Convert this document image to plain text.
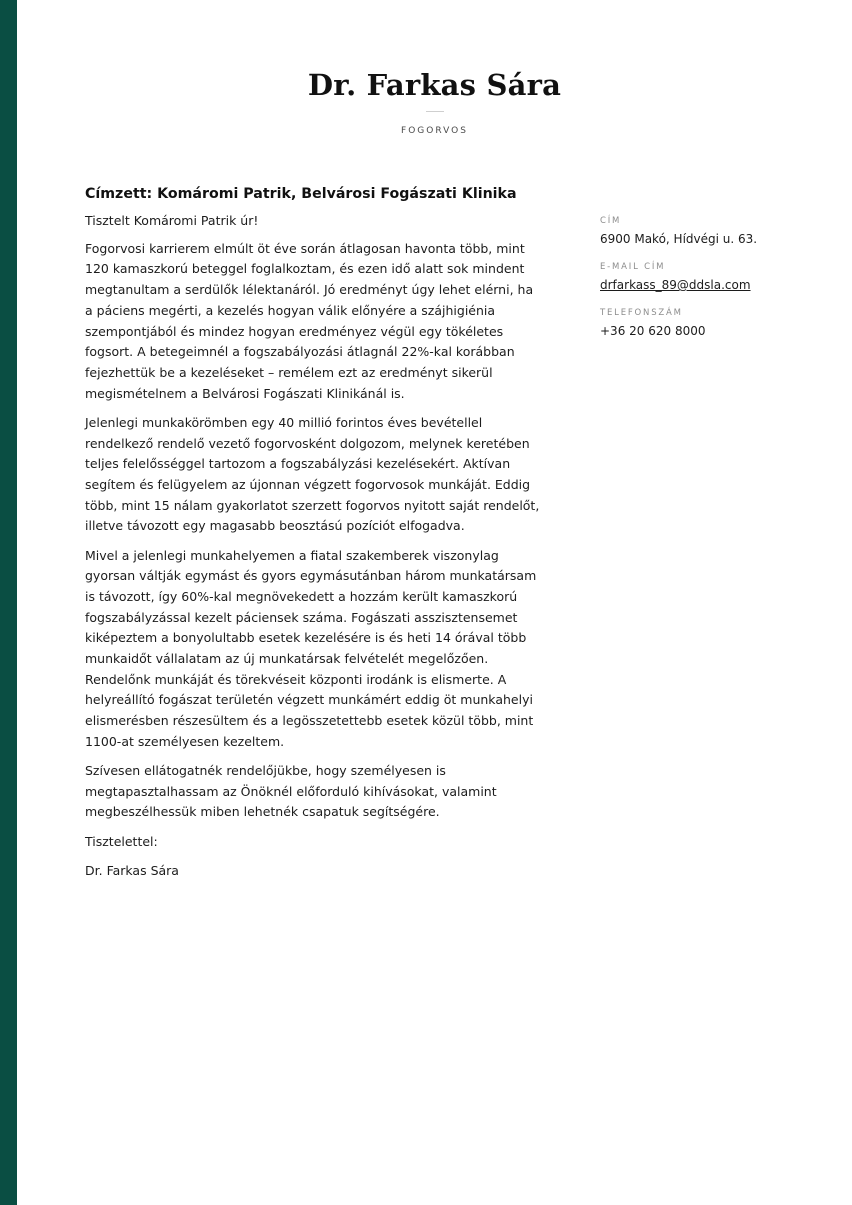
Dr. Farkas Sára
FOGORVOS
Címzett: Komáromi Patrik, Belvárosi Fogászati Klinika

Tisztelt Komáromi Patrik úr!

Fogorvosi karrierem elmúlt öt éve során átlagosan havonta több, mint 120 kamaszkorú beteggel foglalkoztam, és ezen idő alatt sok mindent megtanultam a serdülők lélektanáról. Jó eredményt úgy lehet elérni, ha a páciens megérti, a kezelés hogyan válik előnyére a szájhigiénia szempontjából és mindez hogyan eredményez végül egy tökéletes fogsort. A betegeimnél a fogszabályozási átlagnál 22%-kal korábban fejezhettük be a kezeléseket – remélem ezt az eredményt sikerül megismételnem a Belvárosi Fogászati Klinikánál is.

Jelenlegi munkakörömben egy 40 millió forintos éves bevétellel rendelkező rendelő vezető fogorvosként dolgozom, melynek keretében teljes felelősséggel tartozom a fogszabályzási kezelésekért. Aktívan segítem és felügyelem az újonnan végzett fogorvosok munkáját. Eddig több, mint 15 nálam gyakorlatot szerzett fogorvos nyitott saját rendelőt, illetve távozott egy magasabb beosztású pozíciót elfogadva.

Mivel a jelenlegi munkahelyemen a fiatal szakemberek viszonylag gyorsan váltják egymást és gyors egymásutánban három munkatársam is távozott, így 60%-kal megnövekedett a hozzám került kamaszkorú fogszabályzással kezelt páciensek száma. Fogászati asszisztensemet kiképeztem a bonyolultabb esetek kezelésére is és heti 14 órával több munkaidőt vállalatam az új munkatársak felvételét megelőzően. Rendelőnk munkáját és törekvéseit központi irodánk is elismerte. A helyreállító fogászat területén végzett munkámért eddig öt munkahelyi elismerésben részesültem és a legösszetettebb esetek közül több, mint 1100-at személyesen kezeltem.

Szívesen ellátogatnék rendelőjükbe, hogy személyesen is megtapasztalhassam az Önöknél előforduló kihívásokat, valamint megbeszélhessük miben lehetnék csapatuk segítségére.

Tisztelettel:

Dr. Farkas Sára

CÍM
6900 Makó, Hídvégi u. 63.
E-MAIL CÍM
drfarkass_89@ddsla.com
TELEFONSZÁM
+36 20 620 8000
